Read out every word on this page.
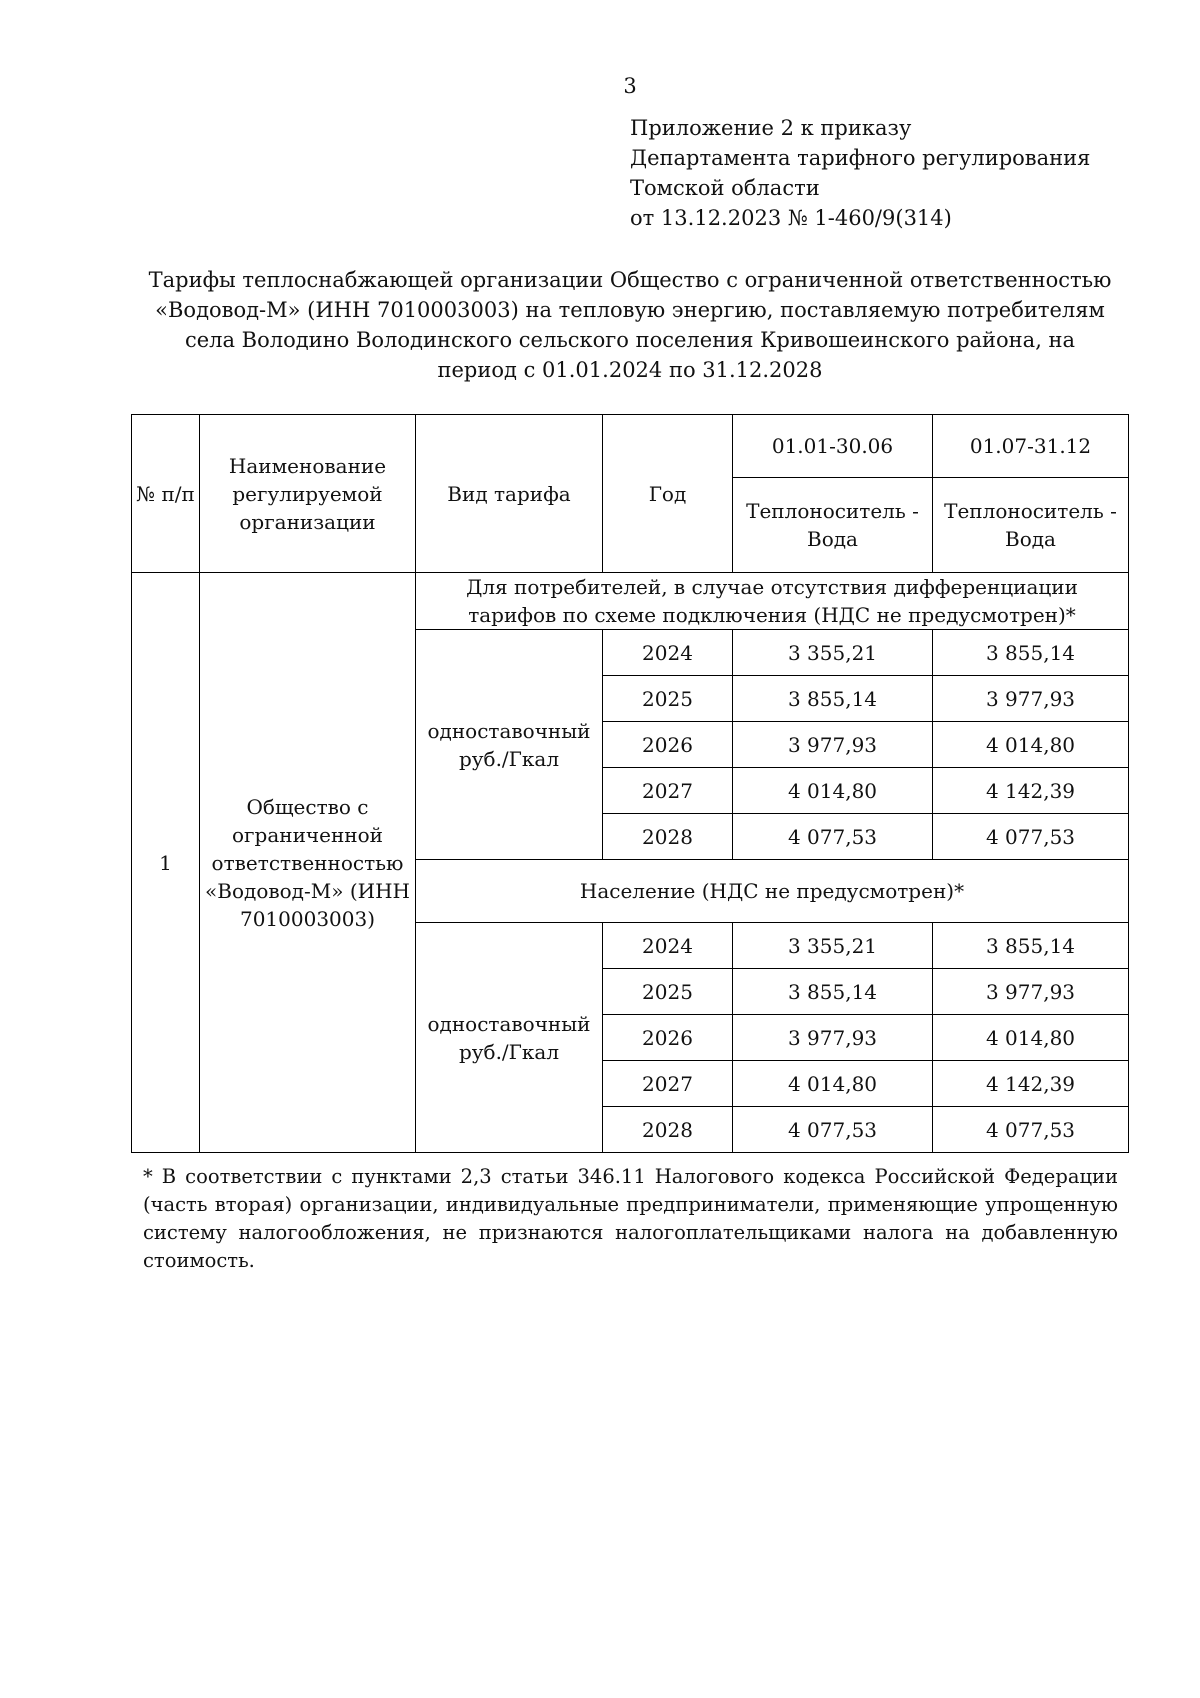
3
Приложение 2 к приказу
Департамента тарифного регулирования
Томской области
от 13.12.2023 № 1-460/9(314)
Тарифы теплоснабжающей организации Общество с ограниченной ответственностью
«Водовод-М» (ИНН 7010003003) на тепловую энергию, поставляемую потребителям
села Володино Володинского сельского поселения Кривошеинского района, на
период с 01.01.2024 по 31.12.2028
№ п/п	Наименование регулируемой организации	Вид тарифа	Год	01.01-30.06	01.07-31.12
				Теплоноситель - Вода	Теплоноситель - Вода
1	Общество с ограниченной ответственностью «Водовод-М» (ИНН 7010003003)	Для потребителей, в случае отсутствия дифференциации тарифов по схеме подключения (НДС не предусмотрен)*			
		одноставочный руб./Гкал	2024	3 355,21	3 855,14
			2025	3 855,14	3 977,93
			2026	3 977,93	4 014,80
			2027	4 014,80	4 142,39
			2028	4 077,53	4 077,53
		Население (НДС не предусмотрен)*			
		одноставочный руб./Гкал	2024	3 355,21	3 855,14
			2025	3 855,14	3 977,93
			2026	3 977,93	4 014,80
			2027	4 014,80	4 142,39
			2028	4 077,53	4 077,53
* В соответствии с пунктами 2,3 статьи 346.11 Налогового кодекса Российской Федерации (часть вторая) организации, индивидуальные предприниматели, применяющие упрощенную систему налогообложения, не признаются налогоплательщиками налога на добавленную стоимость.
